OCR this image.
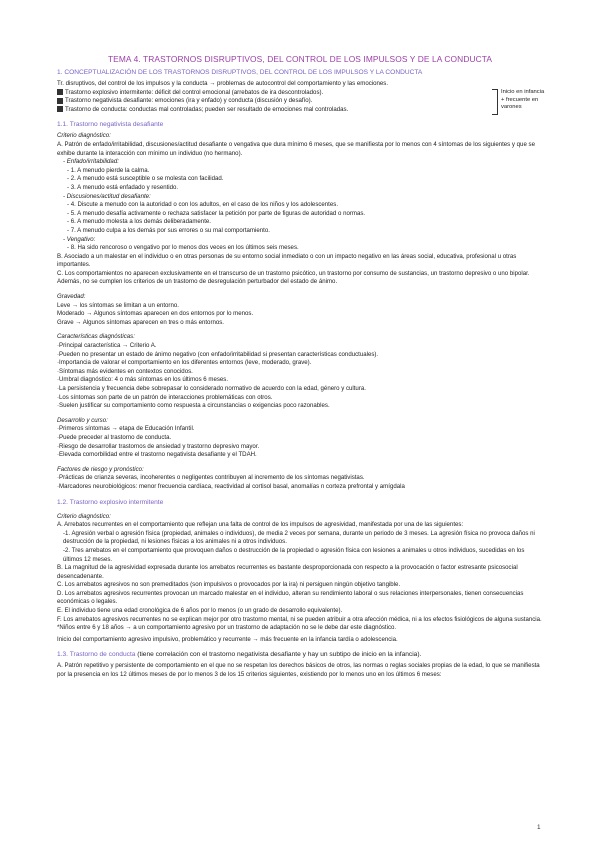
TEMA 4. TRASTORNOS DISRUPTIVOS, DEL CONTROL DE LOS IMPULSOS Y DE LA CONDUCTA
1. CONCEPTUALIZACIÓN DE LOS TRASTORNOS DISRUPTIVOS, DEL CONTROL DE LOS IMPULSOS Y LA CONDUCTA

Tr. disruptivos, del control de los impulsos y la conducta → problemas de autocontrol del comportamiento y las emociones.

Trastorno explosivo intermitente: déficit del control emocional (arrebatos de ira descontrolados).

Trastorno negativista desafiante: emociones (ira y enfado) y conducta (discusión y desafío).

Trastorno de conducta: conductas mal controladas; pueden ser resultado de emociones mal controladas.

Inicio en infancia
+ frecuente en
varones
1.1. Trastorno negativista desafiante

Criterio diagnóstico:

A. Patrón de enfado/irritabilidad, discusiones/actitud desafiante o vengativa que dura mínimo 6 meses, que se manifiesta por lo menos con 4 síntomas de los siguientes y que se exhibe durante la interacción con mínimo un individuo (no hermano).

- Enfado/irritabilidad:

- 1. A menudo pierde la calma.

- 2. A menudo está susceptible o se molesta con facilidad.

- 3. A menudo está enfadado y resentido.

- Discusiones/actitud desafiante:

- 4. Discute a menudo con la autoridad o con los adultos, en el caso de los niños y los adolescentes.

- 5. A menudo desafía activamente o rechaza satisfacer la petición por parte de figuras de autoridad o normas.

- 6. A menudo molesta a los demás deliberadamente.

- 7. A menudo culpa a los demás por sus errores o su mal comportamiento.

- Vengativo:

- 8. Ha sido rencoroso o vengativo por lo menos dos veces en los últimos seis meses.

B. Asociado a un malestar en el individuo o en otras personas de su entorno social inmediato o con un impacto negativo en las áreas social, educativa, profesional u otras importantes.

C. Los comportamientos no aparecen exclusivamente en el transcurso de un trastorno psicótico, un trastorno por consumo de sustancias, un trastorno depresivo o uno bipolar. Además, no se cumplen los criterios de un trastorno de desregulación perturbador del estado de ánimo.

Gravedad:

Leve → los síntomas se limitan a un entorno.

Moderado → Algunos síntomas aparecen en dos entornos por lo menos.

Grave → Algunos síntomas aparecen en tres o más entornos.

Características diagnósticas:

·Principal característica → Criterio A.

·Pueden no presentar un estado de ánimo negativo (con enfado/irritabilidad si presentan características conductuales).

·Importancia de valorar el comportamiento en los diferentes entornos (leve, moderado, grave).

·Síntomas más evidentes en contextos conocidos.

·Umbral diagnóstico: 4 o más síntomas en los últimos 6 meses.

·La persistencia y frecuencia debe sobrepasar lo considerado normativo de acuerdo con la edad, género y cultura.

·Los síntomas son parte de un patrón de interacciones problemáticas con otros.

·Suelen justificar su comportamiento como respuesta a circunstancias o exigencias poco razonables.

Desarrollo y curso:

·Primeros síntomas → etapa de Educación Infantil.

·Puede preceder al trastorno de conducta.

·Riesgo de desarrollar trastornos de ansiedad y trastorno depresivo mayor.

·Elevada comorbilidad entre el trastorno negativista desafiante y el TDAH.

Factores de riesgo y pronóstico:

·Prácticas de crianza severas, incoherentes o negligentes contribuyen al incremento de los síntomas negativistas.

·Marcadores neurobiológicos: menor frecuencia cardíaca, reactividad al cortisol basal, anomalías n corteza prefrontal y amígdala

1.2. Trastorno explosivo intermitente

Criterio diagnóstico:

A. Arrebatos recurrentes en el comportamiento que reflejan una falta de control de los impulsos de agresividad, manifestada por una de las siguientes:

-1. Agresión verbal o agresión física (propiedad, animales o individuos), de media 2 veces por semana, durante un periodo de 3 meses. La agresión física no provoca daños ni destrucción de la propiedad, ni lesiones físicas a los animales ni a otros individuos.

-2. Tres arrebatos en el comportamiento que provoquen daños o destrucción de la propiedad o agresión física con lesiones a animales u otros individuos, sucedidas en los últimos 12 meses.

B. La magnitud de la agresividad expresada durante los arrebatos recurrentes es bastante desproporcionada con respecto a la provocación o factor estresante psicosocial desencadenante.

C. Los arrebatos agresivos no son premeditados (son impulsivos o provocados por la ira) ni persiguen ningún objetivo tangible.

D. Los arrebatos agresivos recurrentes provocan un marcado malestar en el individuo, alteran su rendimiento laboral o sus relaciones interpersonales, tienen consecuencias económicas o legales.

E. El individuo tiene una edad cronológica de 6 años por lo menos (o un grado de desarrollo equivalente).

F. Los arrebatos agresivos recurrentes no se explican mejor por otro trastorno mental, ni se pueden atribuir a otra afección médica, ni a los efectos fisiológicos de alguna sustancia.

*Niños entre 6 y 18 años → a un comportamiento agresivo por un trastorno de adaptación no se le debe dar este diagnóstico.

Inicio del comportamiento agresivo impulsivo, problemático y recurrente → más frecuente en la infancia tardía o adolescencia.

1.3. Trastorno de conducta (tiene correlación con el trastorno negativista desafiante y hay un subtipo de inicio en la infancia).

A. Patrón repetitivo y persistente de comportamiento en el que no se respetan los derechos básicos de otros, las normas o reglas sociales propias de la edad, lo que se manifiesta por la presencia en los 12 últimos meses de por lo menos 3 de los 15 criterios siguientes, existiendo por lo menos uno en los últimos 6 meses:

1
